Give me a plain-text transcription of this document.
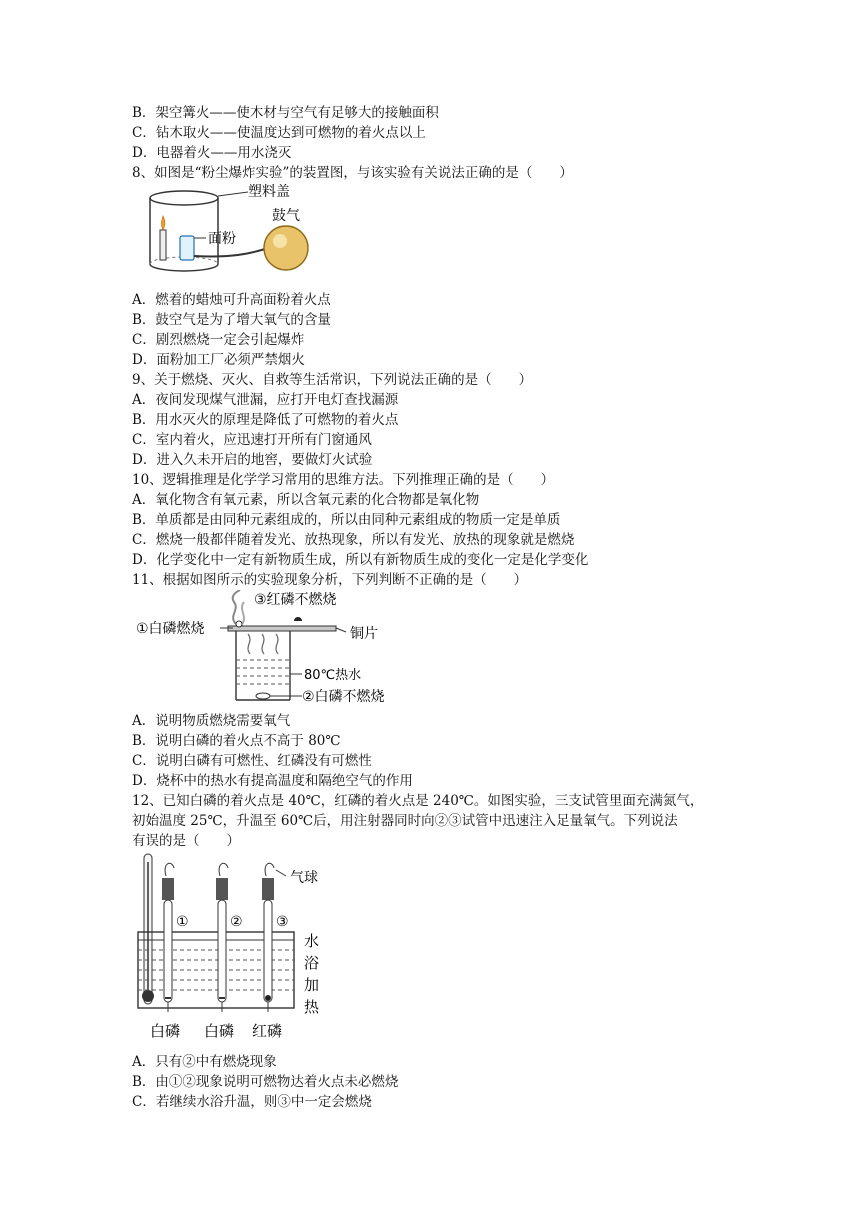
B．架空篝火——使木材与空气有足够大的接触面积
C．钻木取火——使温度达到可燃物的着火点以上
D．电器着火——用水浇灭
8、如图是“粉尘爆炸实验”的装置图，与该实验有关说法正确的是（　　）
塑料盖
面粉
鼓气
A．燃着的蜡烛可升高面粉着火点
B．鼓空气是为了增大氧气的含量
C．剧烈燃烧一定会引起爆炸
D．面粉加工厂必须严禁烟火
9、关于燃烧、灭火、自救等生活常识，下列说法正确的是（　　）
A．夜间发现煤气泄漏，应打开电灯查找漏源
B．用水灭火的原理是降低了可燃物的着火点
C．室内着火，应迅速打开所有门窗通风
D．进入久未开启的地窖，要做灯火试验
10、逻辑推理是化学学习常用的思维方法。下列推理正确的是（　　）
A．氧化物含有氧元素，所以含氧元素的化合物都是氧化物
B．单质都是由同种元素组成的，所以由同种元素组成的物质一定是单质
C．燃烧一般都伴随着发光、放热现象，所以有发光、放热的现象就是燃烧
D．化学变化中一定有新物质生成，所以有新物质生成的变化一定是化学变化
11、根据如图所示的实验现象分析，下列判断不正确的是（　　）
①白磷燃烧
③红磷不燃烧
铜片
80℃热水
②白磷不燃烧
A．说明物质燃烧需要氧气
B．说明白磷的着火点不高于 80℃
C．说明白磷有可燃性、红磷没有可燃性
D．烧杯中的热水有提高温度和隔绝空气的作用
12、已知白磷的着火点是 40℃，红磷的着火点是 240℃。如图实验，三支试管里面充满氮气，
初始温度 25℃，升温至 60℃后，用注射器同时向②③试管中迅速注入足量氧气。下列说法
有误的是（　　）
气球
①	② ③
水
浴
加
热
白磷 白磷 红磷
A．只有②中有燃烧现象
B．由①②现象说明可燃物达着火点未必燃烧
C．若继续水浴升温，则③中一定会燃烧
